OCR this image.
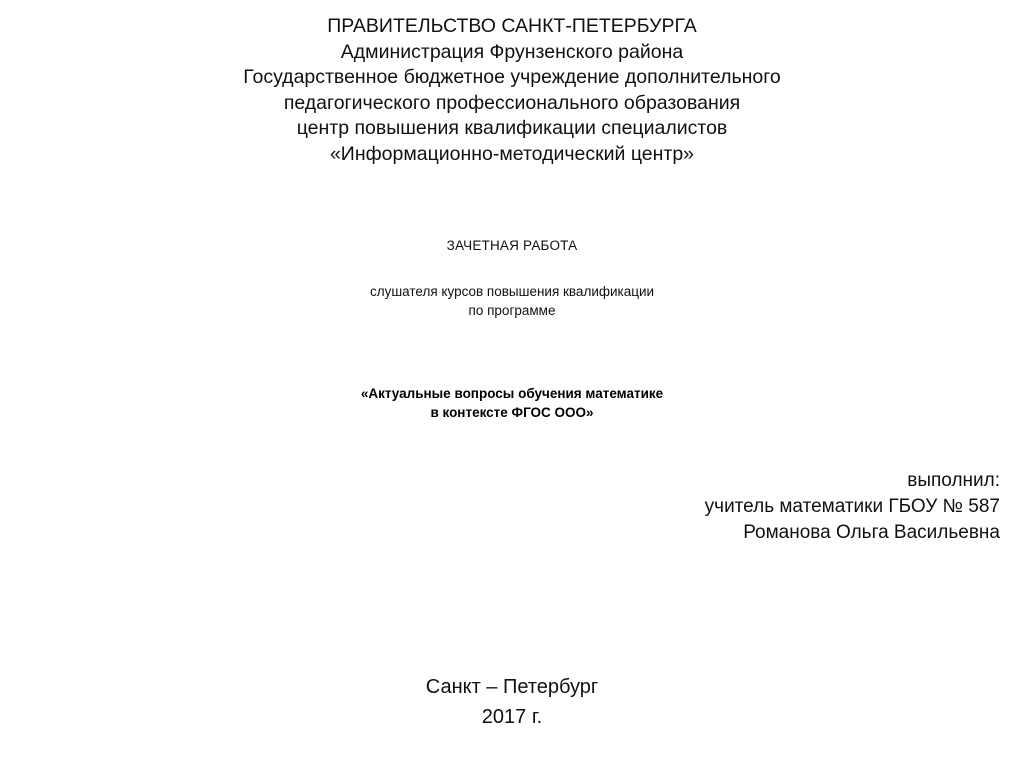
ПРАВИТЕЛЬСТВО САНКТ-ПЕТЕРБУРГА
Администрация Фрунзенского района
Государственное бюджетное учреждение дополнительного
педагогического профессионального образования
центр повышения квалификации специалистов
«Информационно-методический центр»
ЗАЧЕТНАЯ РАБОТА
слушателя курсов повышения квалификации
по программе
«Актуальные вопросы обучения математике
в контексте ФГОС ООО»
выполнил:
учитель математики ГБОУ № 587
Романова Ольга Васильевна
Санкт – Петербург
2017 г.
